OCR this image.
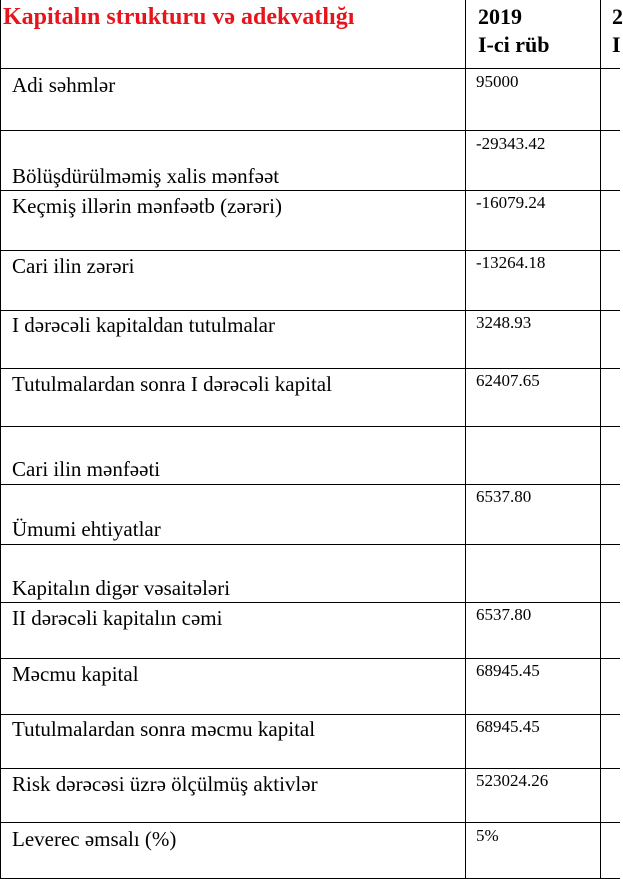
Kapitalın strukturu və adekvatlığı	2019
I-ci rüb
2
I
Adi səhmlər
Bölüşdürülməmiş xalis mənfəət
Keçmiş illərin mənfəətb (zərəri)
Cari ilin zərəri
I dərəcəli kapitaldan tutulmalar
Tutulmalardan sonra I dərəcəli kapital
Cari ilin mənfəəti
Ümumi ehtiyatlar
Kapitalın digər vəsaitələri
II dərəcəli kapitalın cəmi
Məcmu kapital
Tutulmalardan sonra məcmu kapital
Risk dərəcəsi üzrə ölçülmüş aktivlər
Leverec əmsalı (%)
95000
-29343.42
-16079.24
-13264.18
3248.93
62407.65
6537.80
6537.80
68945.45
68945.45
523024.26
5%
